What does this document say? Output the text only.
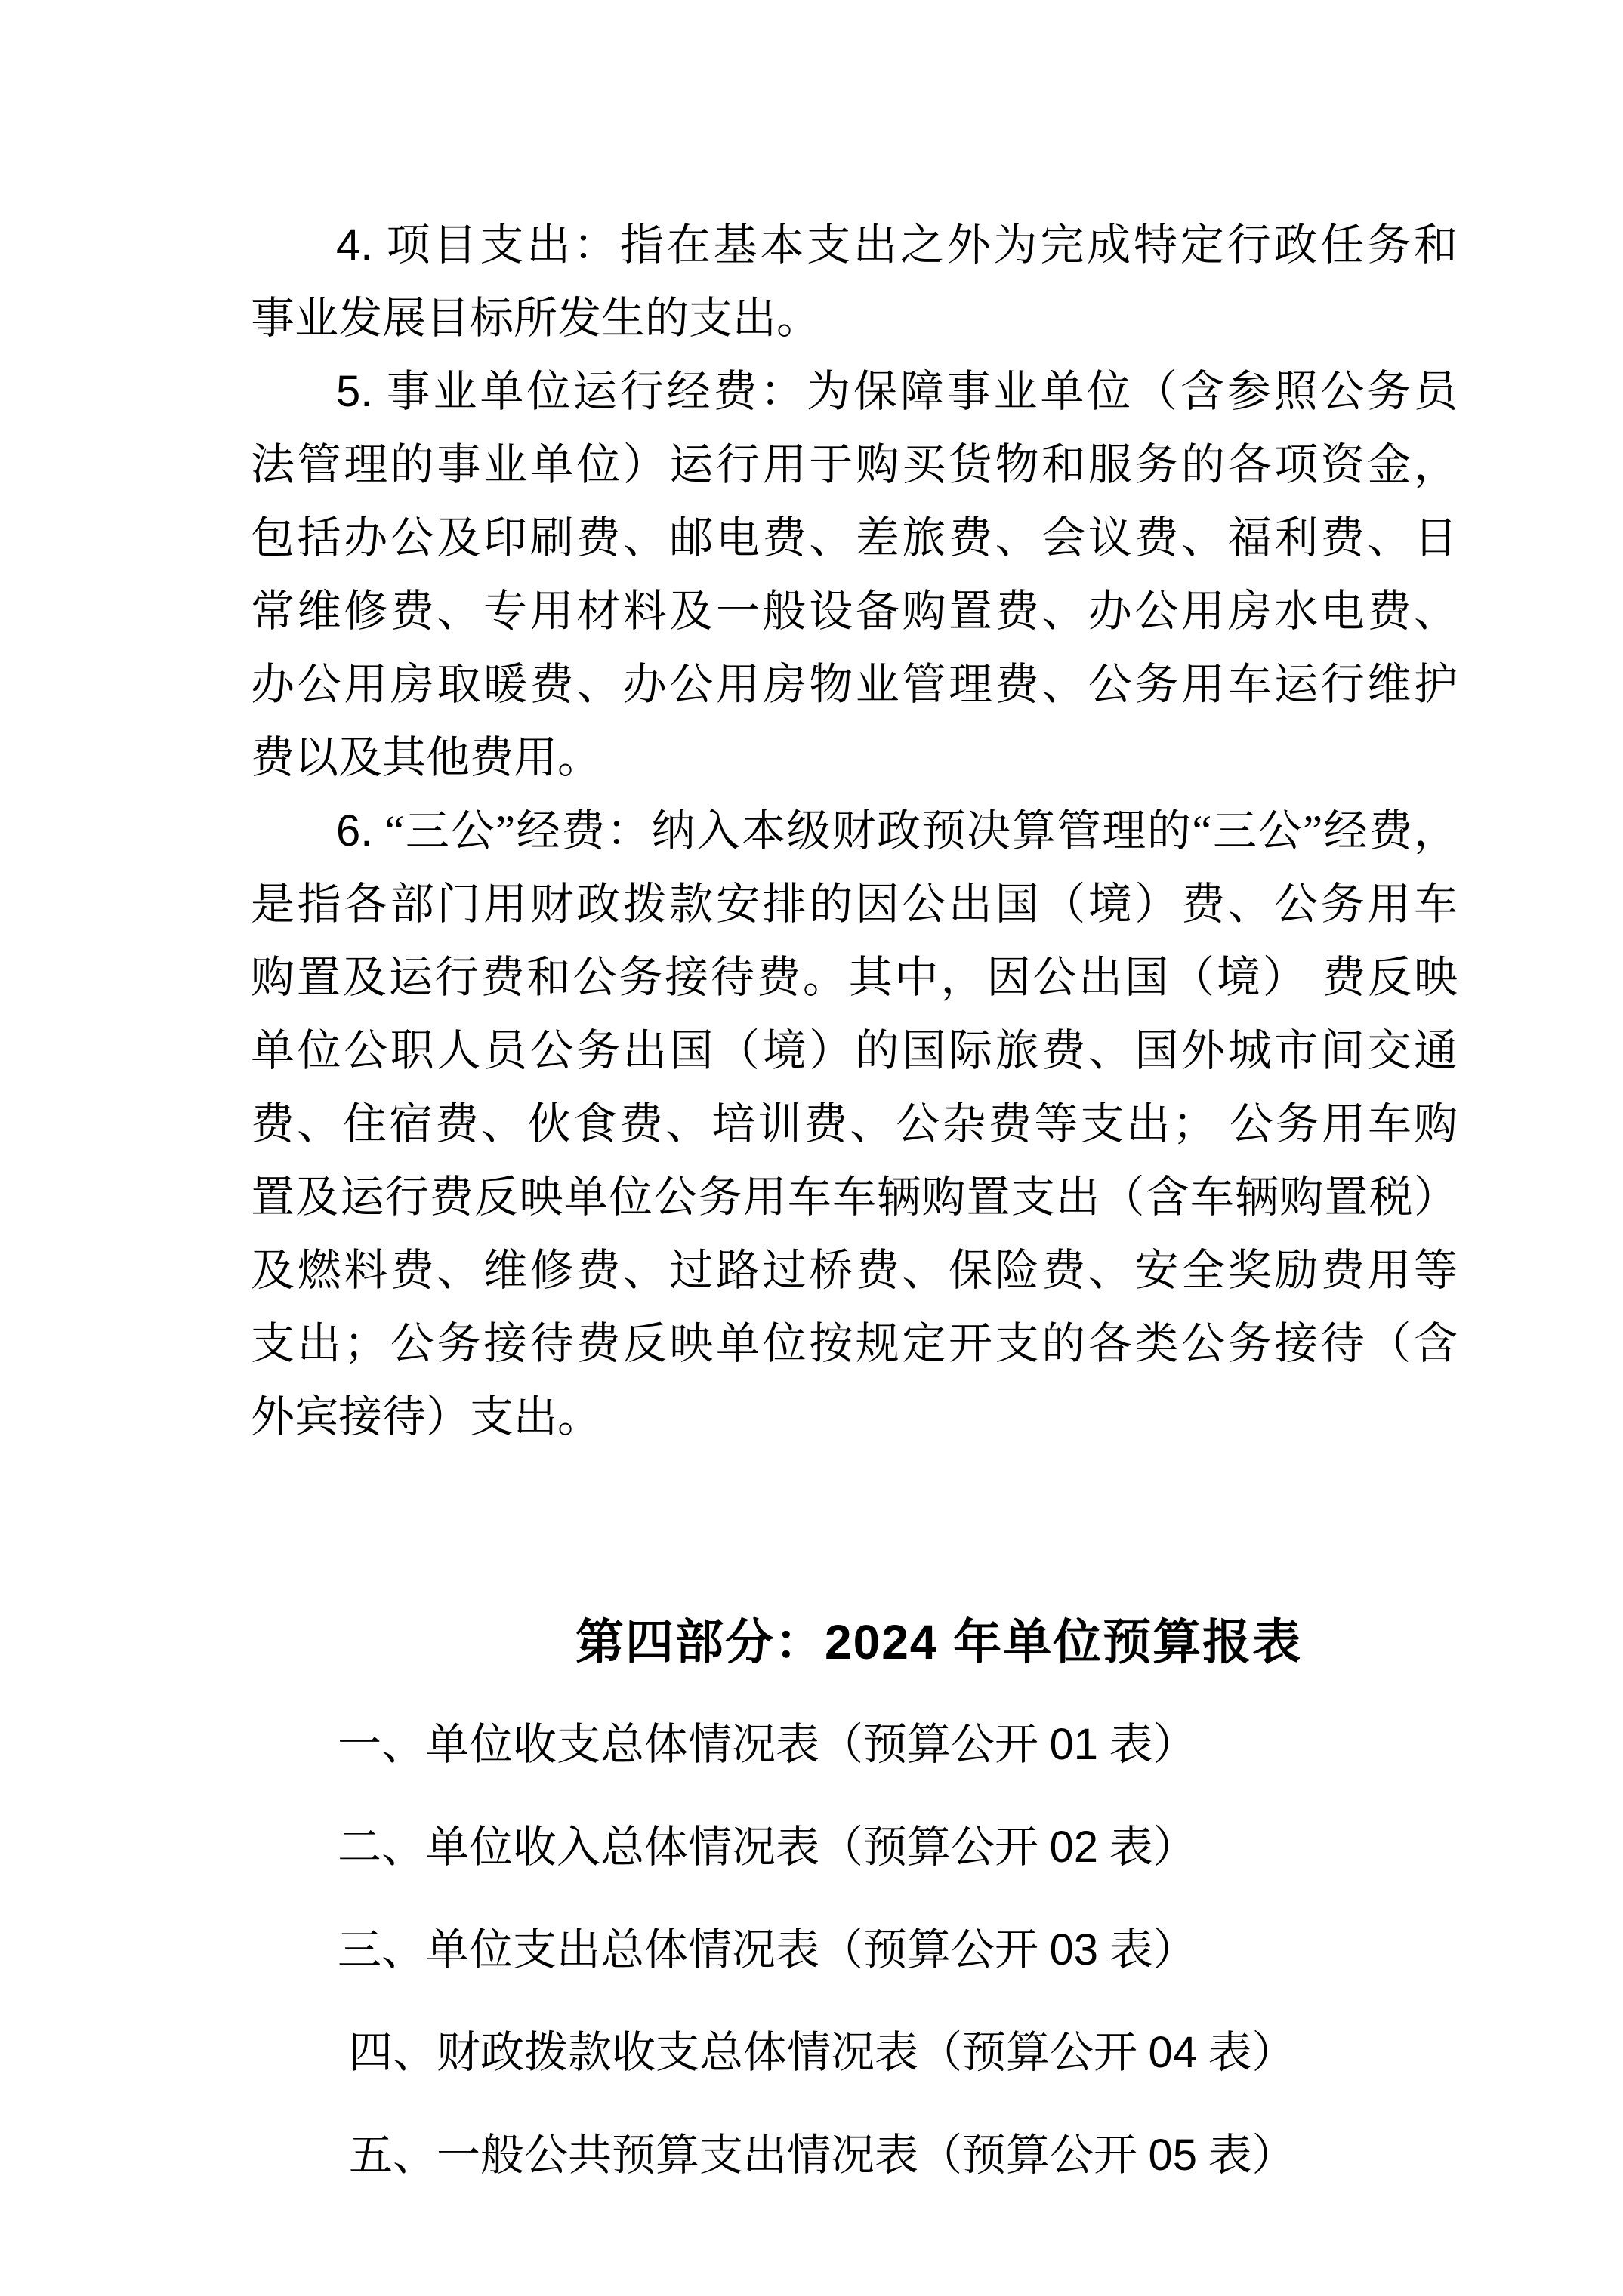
4. 项目支出：指在基本支出之外为完成特定行政任务和
事业发展目标所发生的支出。
5. 事业单位运行经费：为保障事业单位（含参照公务员
法管理的事业单位）运行用于购买货物和服务的各项资金，
包括办公及印刷费、邮电费、差旅费、会议费、福利费、日
常维修费、专用材料及一般设备购置费、办公用房水电费、
办公用房取暖费、办公用房物业管理费、公务用车运行维护
费以及其他费用。
6. “三公”经费：纳入本级财政预决算管理的“三公”经费，
是指各部门用财政拨款安排的因公出国（境）费、公务用车
购置及运行费和公务接待费。其中，因公出国（境） 费反映
单位公职人员公务出国（境）的国际旅费、国外城市间交通
费、住宿费、伙食费、培训费、公杂费等支出； 公务用车购
置及运行费反映单位公务用车车辆购置支出（含车辆购置税）
及燃料费、维修费、过路过桥费、保险费、安全奖励费用等
支出；公务接待费反映单位按规定开支的各类公务接待（含
外宾接待）支出。
第四部分：2024 年单位预算报表
一、单位收支总体情况表（预算公开 01 表）
二、单位收入总体情况表（预算公开 02 表）
三、单位支出总体情况表（预算公开 03 表）
四、财政拨款收支总体情况表（预算公开 04 表）
五、一般公共预算支出情况表（预算公开 05 表）
